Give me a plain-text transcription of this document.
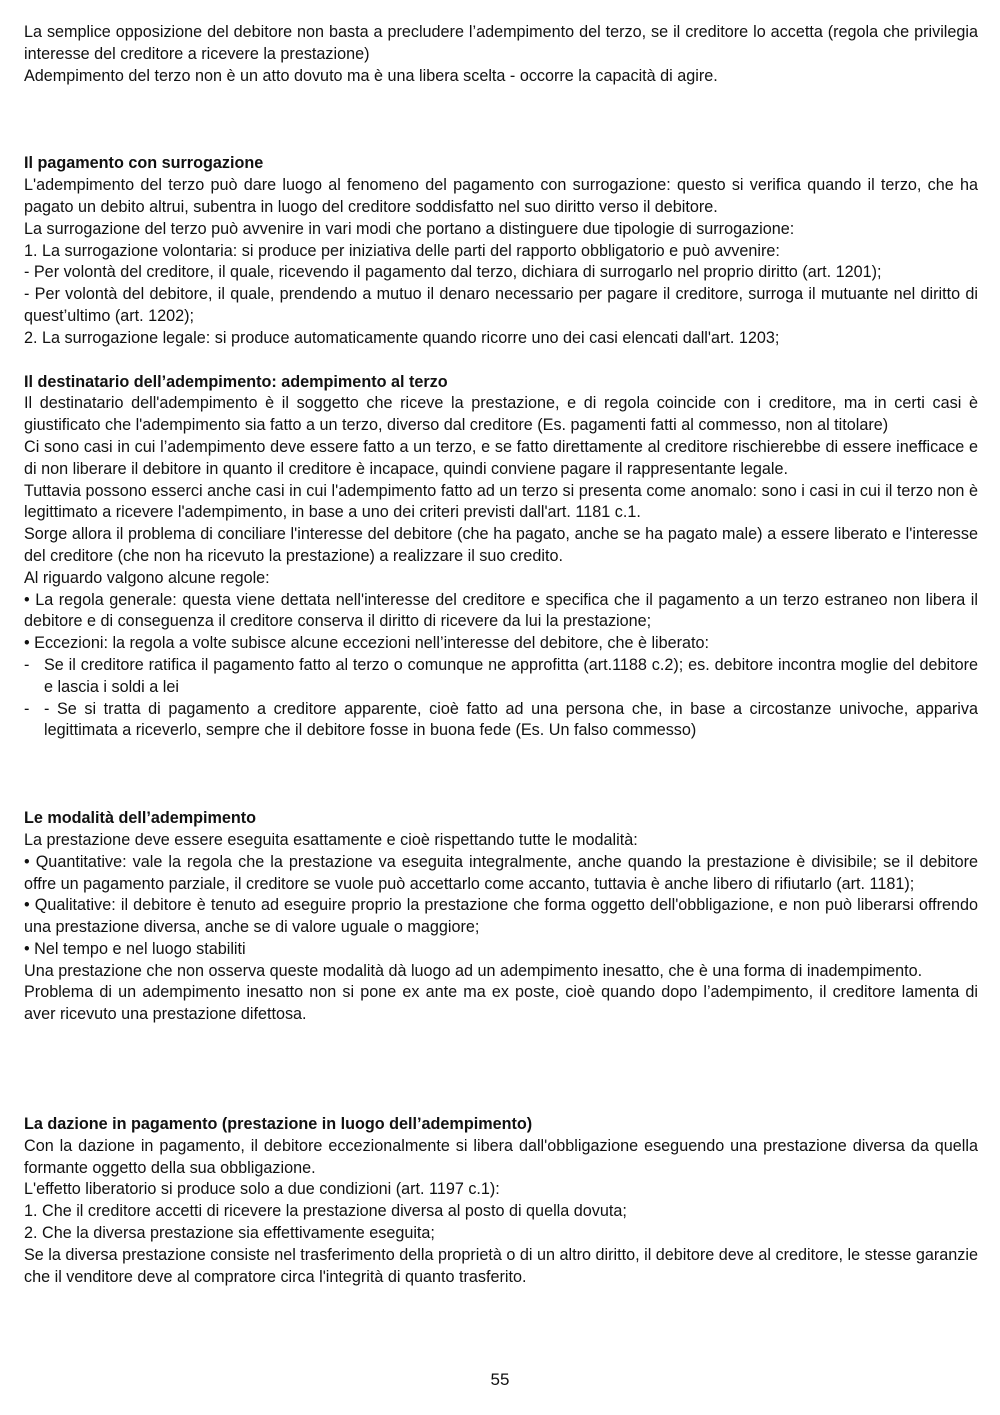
La semplice opposizione del debitore non basta a precludere l’adempimento del terzo, se il creditore lo accetta (regola che privilegia interesse del creditore a ricevere la prestazione)

Adempimento del terzo non è un atto dovuto ma è una libera scelta - occorre la capacità di agire.

Il pagamento con surrogazione

L'adempimento del terzo può dare luogo al fenomeno del pagamento con surrogazione: questo si verifica quando il terzo, che ha pagato un debito altrui, subentra in luogo del creditore soddisfatto nel suo diritto verso il debitore.

La surrogazione del terzo può avvenire in vari modi che portano a distinguere due tipologie di surrogazione:

1. La surrogazione volontaria: si produce per iniziativa delle parti del rapporto obbligatorio e può avvenire:

- Per volontà del creditore, il quale, ricevendo il pagamento dal terzo, dichiara di surrogarlo nel proprio diritto (art. 1201);

- Per volontà del debitore, il quale, prendendo a mutuo il denaro necessario per pagare il creditore, surroga il mutuante nel diritto di quest’ultimo (art. 1202);

2. La surrogazione legale: si produce automaticamente quando ricorre uno dei casi elencati dall'art. 1203;

Il destinatario dell’adempimento: adempimento al terzo

Il destinatario dell'adempimento è il soggetto che riceve la prestazione, e di regola coincide con i creditore, ma in certi casi è giustificato che l'adempimento sia fatto a un terzo, diverso dal creditore (Es. pagamenti fatti al commesso, non al titolare)

Ci sono casi in cui l’adempimento deve essere fatto a un terzo, e se fatto direttamente al creditore rischierebbe di essere inefficace e di non liberare il debitore in quanto il creditore è incapace, quindi conviene pagare il rappresentante legale.

Tuttavia possono esserci anche casi in cui l'adempimento fatto ad un terzo si presenta come anomalo: sono i casi in cui il terzo non è legittimato a ricevere l'adempimento, in base a uno dei criteri previsti dall'art. 1181 c.1.

Sorge allora il problema di conciliare l'interesse del debitore (che ha pagato, anche se ha pagato male) a essere liberato e l'interesse del creditore (che non ha ricevuto la prestazione) a realizzare il suo credito.

Al riguardo valgono alcune regole:

• La regola generale: questa viene dettata nell'interesse del creditore e specifica che il pagamento a un terzo estraneo non libera il debitore e di conseguenza il creditore conserva il diritto di ricevere da lui la prestazione;

• Eccezioni: la regola a volte subisce alcune eccezioni nell’interesse del debitore, che è liberato:

- Se il creditore ratifica il pagamento fatto al terzo o comunque ne approfitta (art.1188 c.2); es. debitore incontra moglie del debitore e lascia i soldi a lei
- - Se si tratta di pagamento a creditore apparente, cioè fatto ad una persona che, in base a circostanze univoche, appariva legittimata a riceverlo, sempre che il debitore fosse in buona fede (Es. Un falso commesso)
Le modalità dell’adempimento

La prestazione deve essere eseguita esattamente e cioè rispettando tutte le modalità:

• Quantitative: vale la regola che la prestazione va eseguita integralmente, anche quando la prestazione è divisibile; se il debitore offre un pagamento parziale, il creditore se vuole può accettarlo come accanto, tuttavia è anche libero di rifiutarlo (art. 1181);

• Qualitative: il debitore è tenuto ad eseguire proprio la prestazione che forma oggetto dell'obbligazione, e non può liberarsi offrendo una prestazione diversa, anche se di valore uguale o maggiore;

• Nel tempo e nel luogo stabiliti

Una prestazione che non osserva queste modalità dà luogo ad un adempimento inesatto, che è una forma di inadempimento.

Problema di un adempimento inesatto non si pone ex ante ma ex poste, cioè quando dopo l’adempimento, il creditore lamenta di aver ricevuto una prestazione difettosa.

La dazione in pagamento (prestazione in luogo dell’adempimento)

Con la dazione in pagamento, il debitore eccezionalmente si libera dall'obbligazione eseguendo una prestazione diversa da quella formante oggetto della sua obbligazione.

L'effetto liberatorio si produce solo a due condizioni (art. 1197 c.1):

1. Che il creditore accetti di ricevere la prestazione diversa al posto di quella dovuta;

2. Che la diversa prestazione sia effettivamente eseguita;

Se la diversa prestazione consiste nel trasferimento della proprietà o di un altro diritto, il debitore deve al creditore, le stesse garanzie che il venditore deve al compratore circa l'integrità di quanto trasferito.

55
